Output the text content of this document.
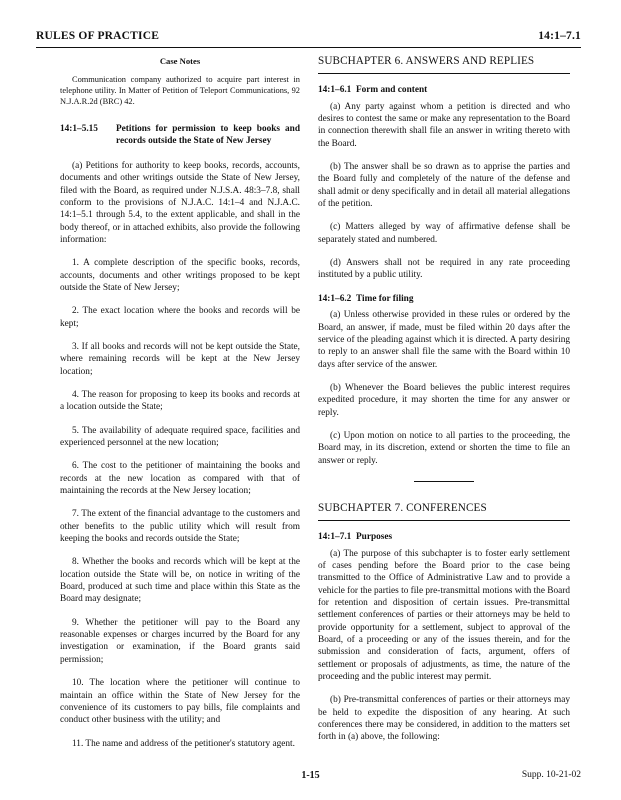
RULES OF PRACTICE	14:1–7.1

Case Notes

Communication company authorized to acquire part interest in telephone utility. In Matter of Petition of Teleport Communications, 92 N.J.A.R.2d (BRC) 42.

14:1–5.15 Petitions for permission to keep books and records outside the State of New Jersey

(a) Petitions for authority to keep books, records, accounts, documents and other writings outside the State of New Jersey, filed with the Board, as required under N.J.S.A. 48:3–7.8, shall conform to the provisions of N.J.A.C. 14:1–4 and N.J.A.C. 14:1–5.1 through 5.4, to the extent applicable, and shall in the body thereof, or in attached exhibits, also provide the following information:

1. A complete description of the specific books, records, accounts, documents and other writings proposed to be kept outside the State of New Jersey;

2. The exact location where the books and records will be kept;

3. If all books and records will not be kept outside the State, where remaining records will be kept at the New Jersey location;

4. The reason for proposing to keep its books and records at a location outside the State;

5. The availability of adequate required space, facilities and experienced personnel at the new location;

6. The cost to the petitioner of maintaining the books and records at the new location as compared with that of maintaining the records at the New Jersey location;

7. The extent of the financial advantage to the customers and other benefits to the public utility which will result from keeping the books and records outside the State;

8. Whether the books and records which will be kept at the location outside the State will be, on notice in writing of the Board, produced at such time and place within this State as the Board may designate;

9. Whether the petitioner will pay to the Board any reasonable expenses or charges incurred by the Board for any investigation or examination, if the Board grants said permission;

10. The location where the petitioner will continue to maintain an office within the State of New Jersey for the convenience of its customers to pay bills, file complaints and conduct other business with the utility; and

11. The name and address of the petitioner's statutory agent.

SUBCHAPTER 6. ANSWERS AND REPLIES

14:1–6.1 Form and content

(a) Any party against whom a petition is directed and who desires to contest the same or make any representation to the Board in connection therewith shall file an answer in writing thereto with the Board.

(b) The answer shall be so drawn as to apprise the parties and the Board fully and completely of the nature of the defense and shall admit or deny specifically and in detail all material allegations of the petition.

(c) Matters alleged by way of affirmative defense shall be separately stated and numbered.

(d) Answers shall not be required in any rate proceeding instituted by a public utility.

14:1–6.2 Time for filing

(a) Unless otherwise provided in these rules or ordered by the Board, an answer, if made, must be filed within 20 days after the service of the pleading against which it is directed. A party desiring to reply to an answer shall file the same with the Board within 10 days after service of the answer.

(b) Whenever the Board believes the public interest requires expedited procedure, it may shorten the time for any answer or reply.

(c) Upon motion on notice to all parties to the proceeding, the Board may, in its discretion, extend or shorten the time to file an answer or reply.

SUBCHAPTER 7. CONFERENCES

14:1–7.1 Purposes

(a) The purpose of this subchapter is to foster early settlement of cases pending before the Board prior to the case being transmitted to the Office of Administrative Law and to provide a vehicle for the parties to file pre-transmittal motions with the Board for retention and disposition of certain issues. Pre-transmittal settlement conferences of parties or their attorneys may be held to provide opportunity for a settlement, subject to approval of the Board, of a proceeding or any of the issues therein, and for the submission and consideration of facts, argument, offers of settlement or proposals of adjustments, as time, the nature of the proceeding and the public interest may permit.

(b) Pre-transmittal conferences of parties or their attorneys may be held to expedite the disposition of any hearing. At such conferences there may be considered, in addition to the matters set forth in (a) above, the following:

1-15	Supp. 10-21-02
